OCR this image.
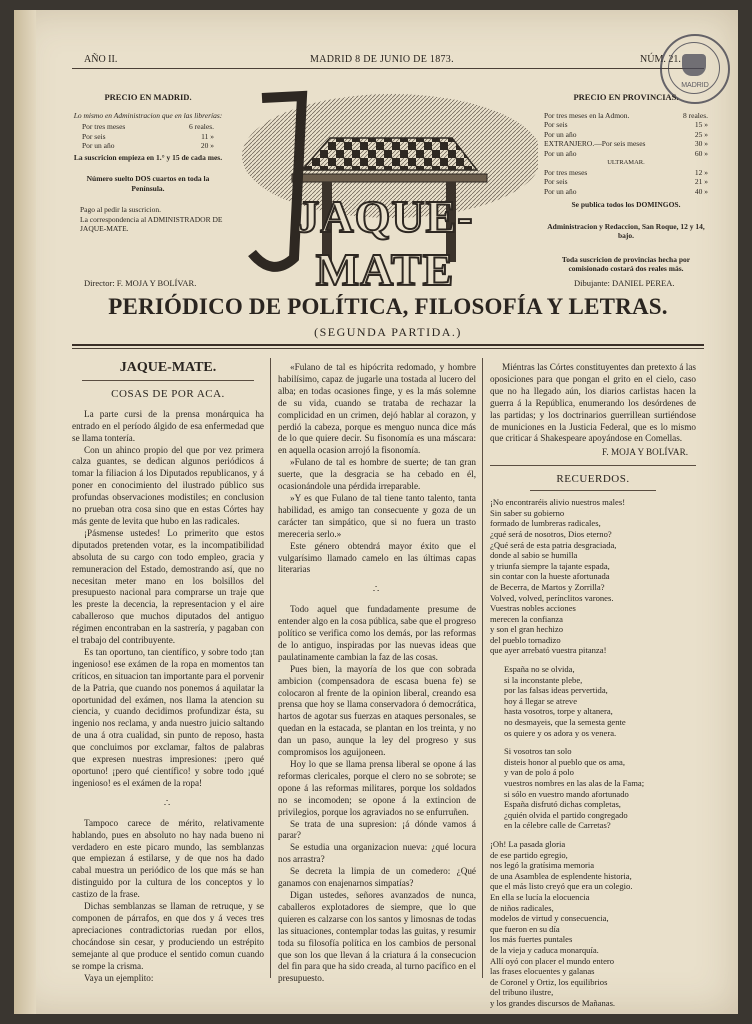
AÑO II.	MADRID 8 DE JUNIO DE 1873.	NÚM. 21.
MADRID
PRECIO EN MADRID.
Lo mismo en Administracion que en las librerías:
Por tres meses	6 reales.
Por seis	11 »
Por un año	20 »
La suscricion empieza en 1.° y 15 de cada mes.
Número suelto DOS cuartos en toda la Península.
Pago al pedir la suscricion.
La correspondencia al ADMINISTRADOR DE JAQUE-MATE.	JAQUE-MATE
PRECIO EN PROVINCIAS.
Por tres meses en la Admon.	8 reales.
Por seis	15 »
Por un año	25 »
EXTRANJERO.—Por seis meses	30 »
Por un año	60 »
ULTRAMAR.
Por tres meses	12 »
Por seis	21 »
Por un año	40 »
Se publica todos los DOMINGOS.
Administracion y Redaccion, San Roque, 12 y 14, bajo.
Toda suscricion de provincias hecha por comisionado costará dos reales más.
Director: F. MOJA Y BOLÍVAR.	Dibujante: DANIEL PEREA.
PERIÓDICO DE POLÍTICA, FILOSOFÍA Y LETRAS.
(SEGUNDA PARTIDA.)
JAQUE-MATE.
COSAS DE POR ACA.

La parte cursi de la prensa monárquica ha entrado en el período álgido de esa enfermedad que se llama tontería.

Con un ahinco propio del que por vez primera calza guantes, se dedican algunos periódicos á tomar la filiacion á los Diputados republicanos, y á poner en conocimiento del ilustrado público sus profundas observaciones modistiles; en conclusion no prueban otra cosa sino que en estas Córtes hay más gente de levita que hubo en las radicales.

¡Pásmense ustedes! Lo primerito que estos diputados pretenden votar, es la incompatibilidad absoluta de su cargo con todo empleo, gracia y remuneracion del Estado, demostrando así, que no necesitan meter mano en los bolsillos del presupuesto nacional para comprarse un traje que les preste la decencia, la representacion y el aire caballeroso que muchos diputados del antiguo régimen encontraban en la sastrería, y pagaban con el trabajo del contribuyente.

Es tan oportuno, tan científico, y sobre todo ¡tan ingenioso! ese exámen de la ropa en momentos tan críticos, en situacion tan importante para el porvenir de la Patria, que cuando nos ponemos á aquilatar la oportunidad del exámen, nos llama la atencion su ciencia, y cuando decidimos profundizar ésta, su ingenio nos reclama, y anda nuestro juicio saltando de una á otra cualidad, sin punto de reposo, hasta que concluimos por exclamar, faltos de palabras que expresen nuestras impresiones: ¡pero qué oportuno! ¡pero qué científico! y sobre todo ¡qué ingenioso! es el exámen de la ropa!

∴

Tampoco carece de mérito, relativamente hablando, pues en absoluto no hay nada bueno ni verdadero en este picaro mundo, las semblanzas que empiezan á estilarse, y de que nos ha dado cabal muestra un periódico de los que más se han distinguido por la cultura de los conceptos y lo castizo de la frase.

Dichas semblanzas se llaman de retruque, y se componen de párrafos, en que dos y á veces tres apreciaciones contradictorias ruedan por ellos, chocándose sin cesar, y produciendo un estrépito semejante al que produce el sentido comun cuando se rompe la crisma.

Vaya un ejemplito:

«Fulano de tal es hipócrita redomado, y hombre habilísimo, capaz de jugarle una tostada al lucero del alba; en todas ocasiones finge, y es la más solemne de su vida, cuando se trataba de rechazar la complicidad en un crimen, dejó hablar al corazon, y perdió la cabeza, porque es menguo nunca dice más de lo que quiere decir. Su fisonomía es una máscara: en aquella ocasion arrojó la fisonomía.

»Fulano de tal es hombre de suerte; de tan gran suerte, que la desgracia se ha cebado en él, ocasionándole una pérdida irreparable.

»Y es que Fulano de tal tiene tanto talento, tanta habilidad, es amigo tan consecuente y goza de un carácter tan simpático, que si no fuera un trasto mereceria serlo.»

Este género obtendrá mayor éxito que el vulgarísimo llamado camelo en las últimas capas literarias

∴

Todo aquel que fundadamente presume de entender algo en la cosa pública, sabe que el progreso político se verifica como los demás, por las reformas de lo antiguo, inspiradas por las nuevas ideas que paulatinamente cambian la faz de las cosas.

Pues bien, la mayoría de los que con sobrada ambicion (compensadora de escasa buena fe) se colocaron al frente de la opinion liberal, creando esa prensa que hoy se llama conservadora ó democrática, hartos de agotar sus fuerzas en ataques personales, se quedan en la estacada, se plantan en los treinta, y no dan un paso, aunque la ley del progreso y sus compromisos los aguijoneen.

Hoy lo que se llama prensa liberal se opone á las reformas clericales, porque el clero no se sobrote; se opone á las reformas militares, porque los soldados no se incomoden; se opone á la extincion de privilegios, porque los agraviados no se enfurruñen.

Se trata de una supresion: ¡á dónde vamos á parar?

Se estudia una organizacion nueva: ¿qué locura nos arrastra?

Se decreta la limpia de un comedero: ¿Qué ganamos con enajenarnos simpatías?

Digan ustedes, señores avanzados de nunca, caballeros explotadores de siempre, que lo que quieren es calzarse con los santos y limosnas de todas las situaciones, contemplar todas las guitas, y resumir toda su filosofía política en los cambios de personal que son los que llevan á la criatura á la consecucion del fin para que ha sido creada, al turno pacífico en el presupuesto.

Miéntras las Córtes constituyentes dan pretexto á las oposiciones para que pongan el grito en el cielo, caso que no ha llegado aún, los diarios carlistas hacen la guerra á la República, enumerando los desórdenes de las partidas; y los doctrinarios guerrillean surtiéndose de municiones en la Justicia Federal, que es lo mismo que criticar á Shakespeare apoyándose en Comellas.

F. MOJA Y BOLÍVAR.
RECUERDOS.
¡No encontraréis alivio nuestros males!
Sin saber su gobierno
formado de lumbreras radicales,
¿qué será de nosotros, Dios eterno?
¿Qué será de esta patria desgraciada,
donde al sabio se humilla
y triunfa siempre la tajante espada,
sin contar con la hueste afortunada
de Becerra, de Martos y Zorrilla?
Volved, volved, perínclitos varones.
Vuestras nobles acciones
merecen la confianza
y son el gran hechizo
del pueblo tornadizo
que ayer arrebató vuestra pitanza!
España no se olvida,
si la inconstante plebe,
por las falsas ideas pervertida,
hoy á llegar se atreve
hasta vosotros, torpe y altanera,
no desmayeis, que la semesta gente
os quiere y os adora y os venera.
Si vosotros tan solo
disteis honor al pueblo que os ama,
y van de polo á polo
vuestros nombres en las alas de la Fama;
si sólo en vuestro mando afortunado
España disfrutó dichas completas,
¿quién olvida el partido congregado
en la célebre calle de Carretas?
¡Oh! La pasada gloria
de ese partido egregio,
nos legó la gratísima memoria
de una Asamblea de esplendente historia,
que el más listo creyó que era un colegio.
En ella se lucía la elocuencia
de niños radicales,
modelos de virtud y consecuencia,
que fueron en su día
los más fuertes puntales
de la vieja y caduca monarquía.
Allí oyó con placer el mundo entero
las frases elocuentes y galanas
de Coronel y Ortiz, los equilibrios
del tribuno ilustre,
y los grandes discursos de Mañanas.
